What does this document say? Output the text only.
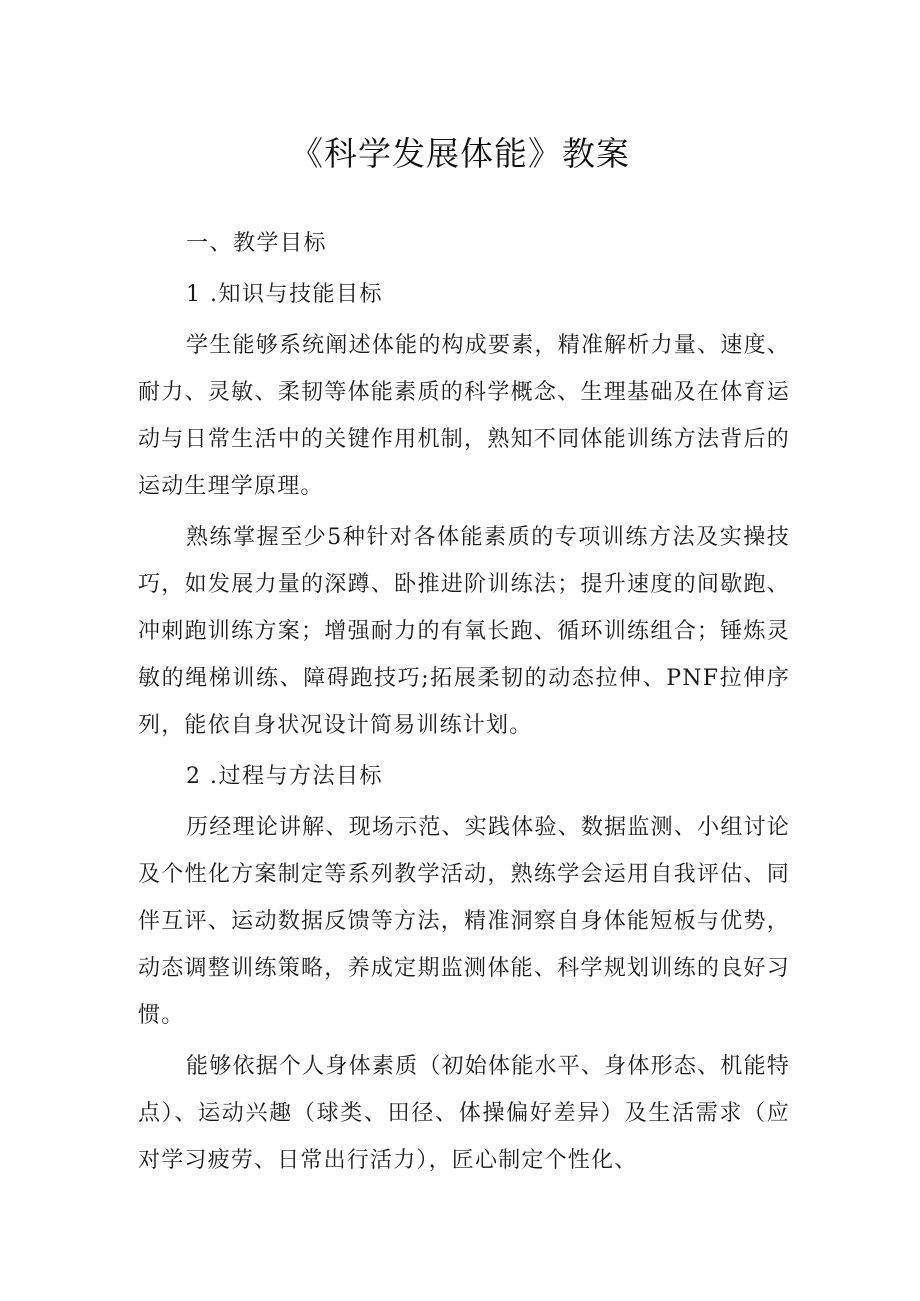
《科学发展体能》教案
一、教学目标
1 .知识与技能目标

学生能够系统阐述体能的构成要素，精准解析力量、速度、耐力、灵敏、柔韧等体能素质的科学概念、生理基础及在体育运动与日常生活中的关键作用机制，熟知不同体能训练方法背后的运动生理学原理。

熟练掌握至少5种针对各体能素质的专项训练方法及实操技巧，如发展力量的深蹲、卧推进阶训练法；提升速度的间歇跑、冲刺跑训练方案；增强耐力的有氧长跑、循环训练组合；锤炼灵敏的绳梯训练、障碍跑技巧;拓展柔韧的动态拉伸、PNF拉伸序列，能依自身状况设计简易训练计划。

2 .过程与方法目标

历经理论讲解、现场示范、实践体验、数据监测、小组讨论及个性化方案制定等系列教学活动，熟练学会运用自我评估、同伴互评、运动数据反馈等方法，精准洞察自身体能短板与优势，动态调整训练策略，养成定期监测体能、科学规划训练的良好习惯。

能够依据个人身体素质（初始体能水平、身体形态、机能特点）、运动兴趣（球类、田径、体操偏好差异）及生活需求（应对学习疲劳、日常出行活力），匠心制定个性化、
